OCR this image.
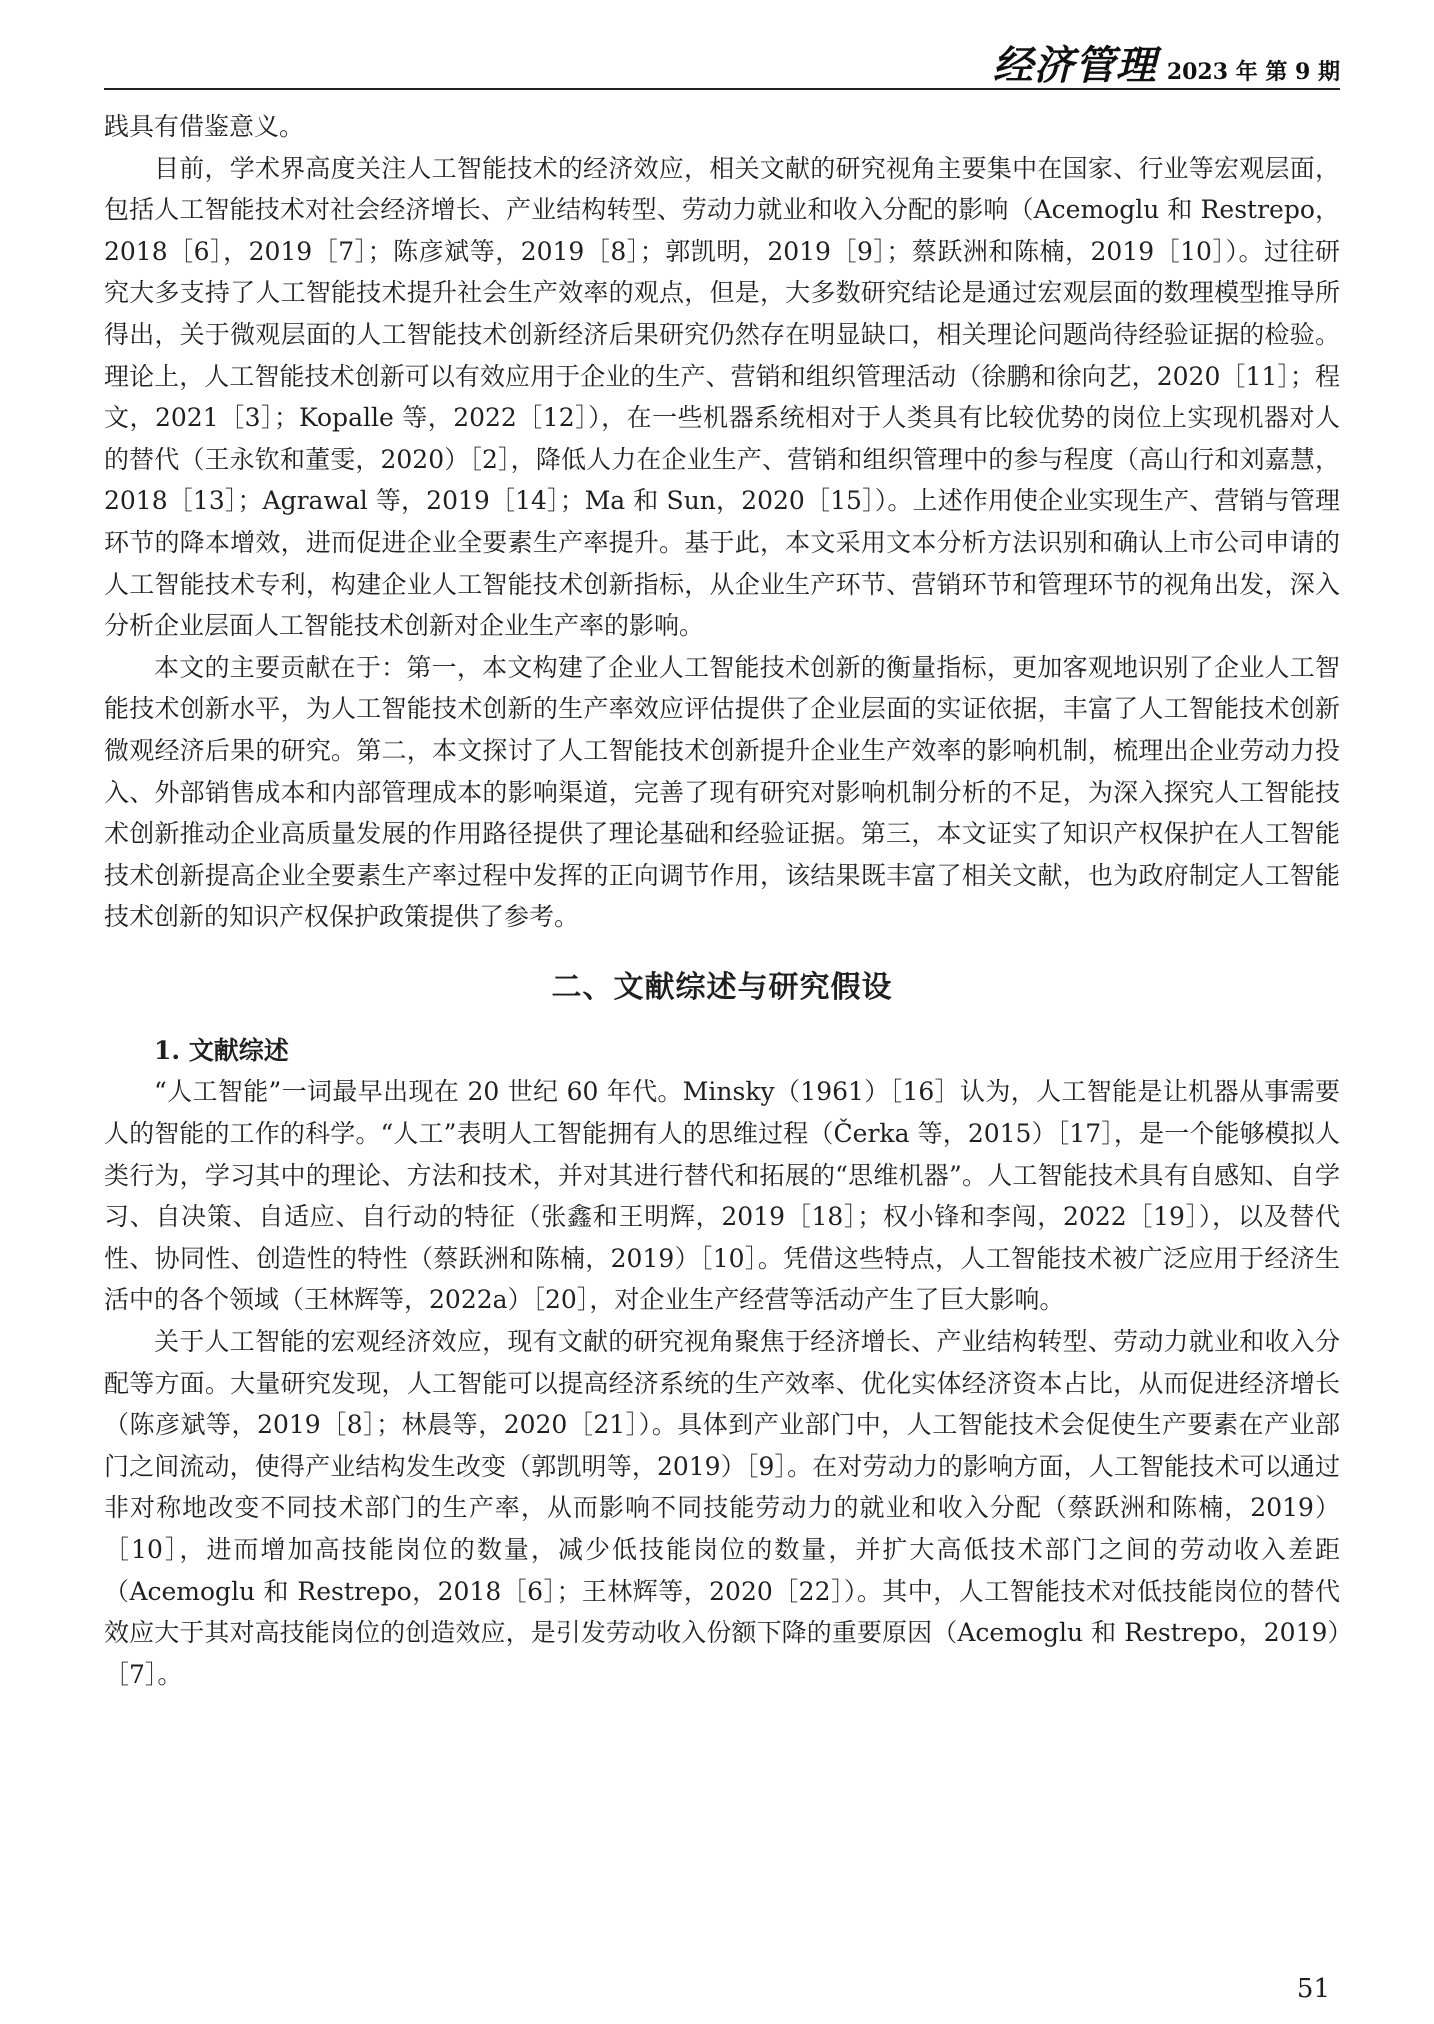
经济管理 2023 年 第 9 期

践具有借鉴意义。

目前，学术界高度关注人工智能技术的经济效应，相关文献的研究视角主要集中在国家、行业等宏观层面，包括人工智能技术对社会经济增长、产业结构转型、劳动力就业和收入分配的影响（Acemoglu 和 Restrepo，2018［6］，2019［7］；陈彦斌等，2019［8］；郭凯明，2019［9］；蔡跃洲和陈楠，2019［10］）。过往研究大多支持了人工智能技术提升社会生产效率的观点，但是，大多数研究结论是通过宏观层面的数理模型推导所得出，关于微观层面的人工智能技术创新经济后果研究仍然存在明显缺口，相关理论问题尚待经验证据的检验。理论上，人工智能技术创新可以有效应用于企业的生产、营销和组织管理活动（徐鹏和徐向艺，2020［11］；程文，2021［3］；Kopalle 等，2022［12］），在一些机器系统相对于人类具有比较优势的岗位上实现机器对人的替代（王永钦和董雯，2020）［2］，降低人力在企业生产、营销和组织管理中的参与程度（高山行和刘嘉慧，2018［13］；Agrawal 等，2019［14］；Ma 和 Sun，2020［15］）。上述作用使企业实现生产、营销与管理环节的降本增效，进而促进企业全要素生产率提升。基于此，本文采用文本分析方法识别和确认上市公司申请的人工智能技术专利，构建企业人工智能技术创新指标，从企业生产环节、营销环节和管理环节的视角出发，深入分析企业层面人工智能技术创新对企业生产率的影响。

本文的主要贡献在于：第一，本文构建了企业人工智能技术创新的衡量指标，更加客观地识别了企业人工智能技术创新水平，为人工智能技术创新的生产率效应评估提供了企业层面的实证依据，丰富了人工智能技术创新微观经济后果的研究。第二，本文探讨了人工智能技术创新提升企业生产效率的影响机制，梳理出企业劳动力投入、外部销售成本和内部管理成本的影响渠道，完善了现有研究对影响机制分析的不足，为深入探究人工智能技术创新推动企业高质量发展的作用路径提供了理论基础和经验证据。第三，本文证实了知识产权保护在人工智能技术创新提高企业全要素生产率过程中发挥的正向调节作用，该结果既丰富了相关文献，也为政府制定人工智能技术创新的知识产权保护政策提供了参考。

二、文献综述与研究假设
1. 文献综述

“人工智能”一词最早出现在 20 世纪 60 年代。Minsky（1961）［16］认为，人工智能是让机器从事需要人的智能的工作的科学。“人工”表明人工智能拥有人的思维过程（Čerka 等，2015）［17］，是一个能够模拟人类行为，学习其中的理论、方法和技术，并对其进行替代和拓展的“思维机器”。人工智能技术具有自感知、自学习、自决策、自适应、自行动的特征（张鑫和王明辉，2019［18］；权小锋和李闯，2022［19］），以及替代性、协同性、创造性的特性（蔡跃洲和陈楠，2019）［10］。凭借这些特点，人工智能技术被广泛应用于经济生活中的各个领域（王林辉等，2022a）［20］，对企业生产经营等活动产生了巨大影响。

关于人工智能的宏观经济效应，现有文献的研究视角聚焦于经济增长、产业结构转型、劳动力就业和收入分配等方面。大量研究发现，人工智能可以提高经济系统的生产效率、优化实体经济资本占比，从而促进经济增长（陈彦斌等，2019［8］；林晨等，2020［21］）。具体到产业部门中，人工智能技术会促使生产要素在产业部门之间流动，使得产业结构发生改变（郭凯明等，2019）［9］。在对劳动力的影响方面，人工智能技术可以通过非对称地改变不同技术部门的生产率，从而影响不同技能劳动力的就业和收入分配（蔡跃洲和陈楠，2019）［10］，进而增加高技能岗位的数量，减少低技能岗位的数量，并扩大高低技术部门之间的劳动收入差距（Acemoglu 和 Restrepo，2018［6］；王林辉等，2020［22］）。其中，人工智能技术对低技能岗位的替代效应大于其对高技能岗位的创造效应，是引发劳动收入份额下降的重要原因（Acemoglu 和 Restrepo，2019）［7］。

51
